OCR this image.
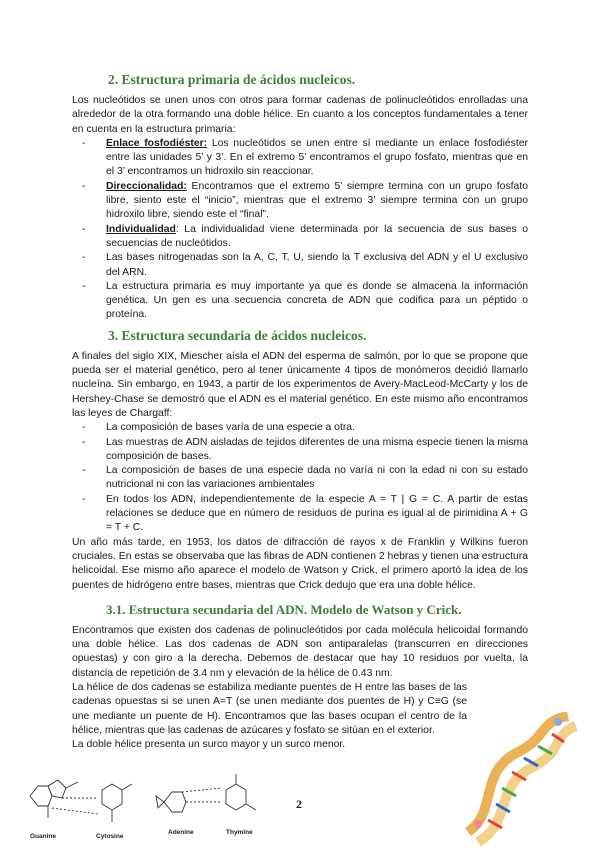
2. Estructura primaria de ácidos nucleicos.

Los nucleótidos se unen unos con otros para formar cadenas de polinucleótidos enrolladas una alrededor de la otra formando una doble hélice. En cuanto a los conceptos fundamentales a tener en cuenta en la estructura primaria:

- Enlace fosfodiéster: Los nucleótidos se unen entre sí mediante un enlace fosfodiéster entre las unidades 5’ y 3’. En el extremo 5’ encontramos el grupo fosfato, mientras que en el 3’ encontramos un hidroxilo sin reaccionar.
- Direccionalidad: Encontramos que el extremo 5’ siempre termina con un grupo fosfato libre, siento este el “inicio”, mientras que el extremo 3’ siempre termina con un grupo hidroxilo libre, siendo este el “final”.
- Individualidad: La individualidad viene determinada por la secuencia de sus bases o secuencias de nucleótidos.
- Las bases nitrogenadas son la A, C, T, U, siendo la T exclusiva del ADN y el U exclusivo del ARN.
- La estructura primaria es muy importante ya que es donde se almacena la información genética. Un gen es una secuencia concreta de ADN que codifica para un péptido o proteína.
3. Estructura secundaria de ácidos nucleicos.

A finales del siglo XIX, Miescher aísla el ADN del esperma de salmón, por lo que se propone que pueda ser el material genético, pero al tener únicamente 4 tipos de monómeros decidió llamarlo nucleína. Sin embargo, en 1943, a partir de los experimentos de Avery-MacLeod-McCarty y los de Hershey-Chase se demostró que el ADN es el material genético. En este mismo año encontramos las leyes de Chargaff:

- La composición de bases varía de una especie a otra.
- Las muestras de ADN aisladas de tejidos diferentes de una misma especie tienen la misma composición de bases.
- La composición de bases de una especie dada no varía ni con la edad ni con su estado nutricional ni con las variaciones ambientales
- En todos los ADN, independientemente de la especie A = T | G = C. A partir de estas relaciones se deduce que en número de residuos de purina es igual al de pirimidina A + G = T + C.

Un año más tarde, en 1953, los datos de difracción de rayos x de Franklin y Wilkins fueron cruciales. En estas se observaba que las fibras de ADN contienen 2 hebras y tienen una estructura helicoidal. Ese mismo año aparece el modelo de Watson y Crick, el primero aportó la idea de los puentes de hidrógeno entre bases, mientras que Crick dedujo que era una doble hélice.

3.1. Estructura secundaria del ADN. Modelo de Watson y Crick.

Encontramos que existen dos cadenas de polinucleótidos por cada molécula helicoidal formando una doble hélice. Las dos cadenas de ADN son antiparalelas (transcurren en direcciones opuestas) y con giro a la derecha. Debemos de destacar que hay 10 residuos por vuelta, la distancia de repetición de 3.4 nm y elevación de la hélice de 0.43 nm.

La hélice de dos cadenas se estabiliza mediante puentes de H entre las bases de las cadenas opuestas si se unen A=T (se unen mediante dos puentes de H) y C≡G (se une mediante un puente de H). Encontramos que las bases ocupan el centro de la hélice, mientras que las cadenas de azúcares y fosfato se sitúan en el exterior.

La doble hélice presenta un surco mayor y un surco menor.

Guanine	Cytosine
Adenine	Thymine
2
